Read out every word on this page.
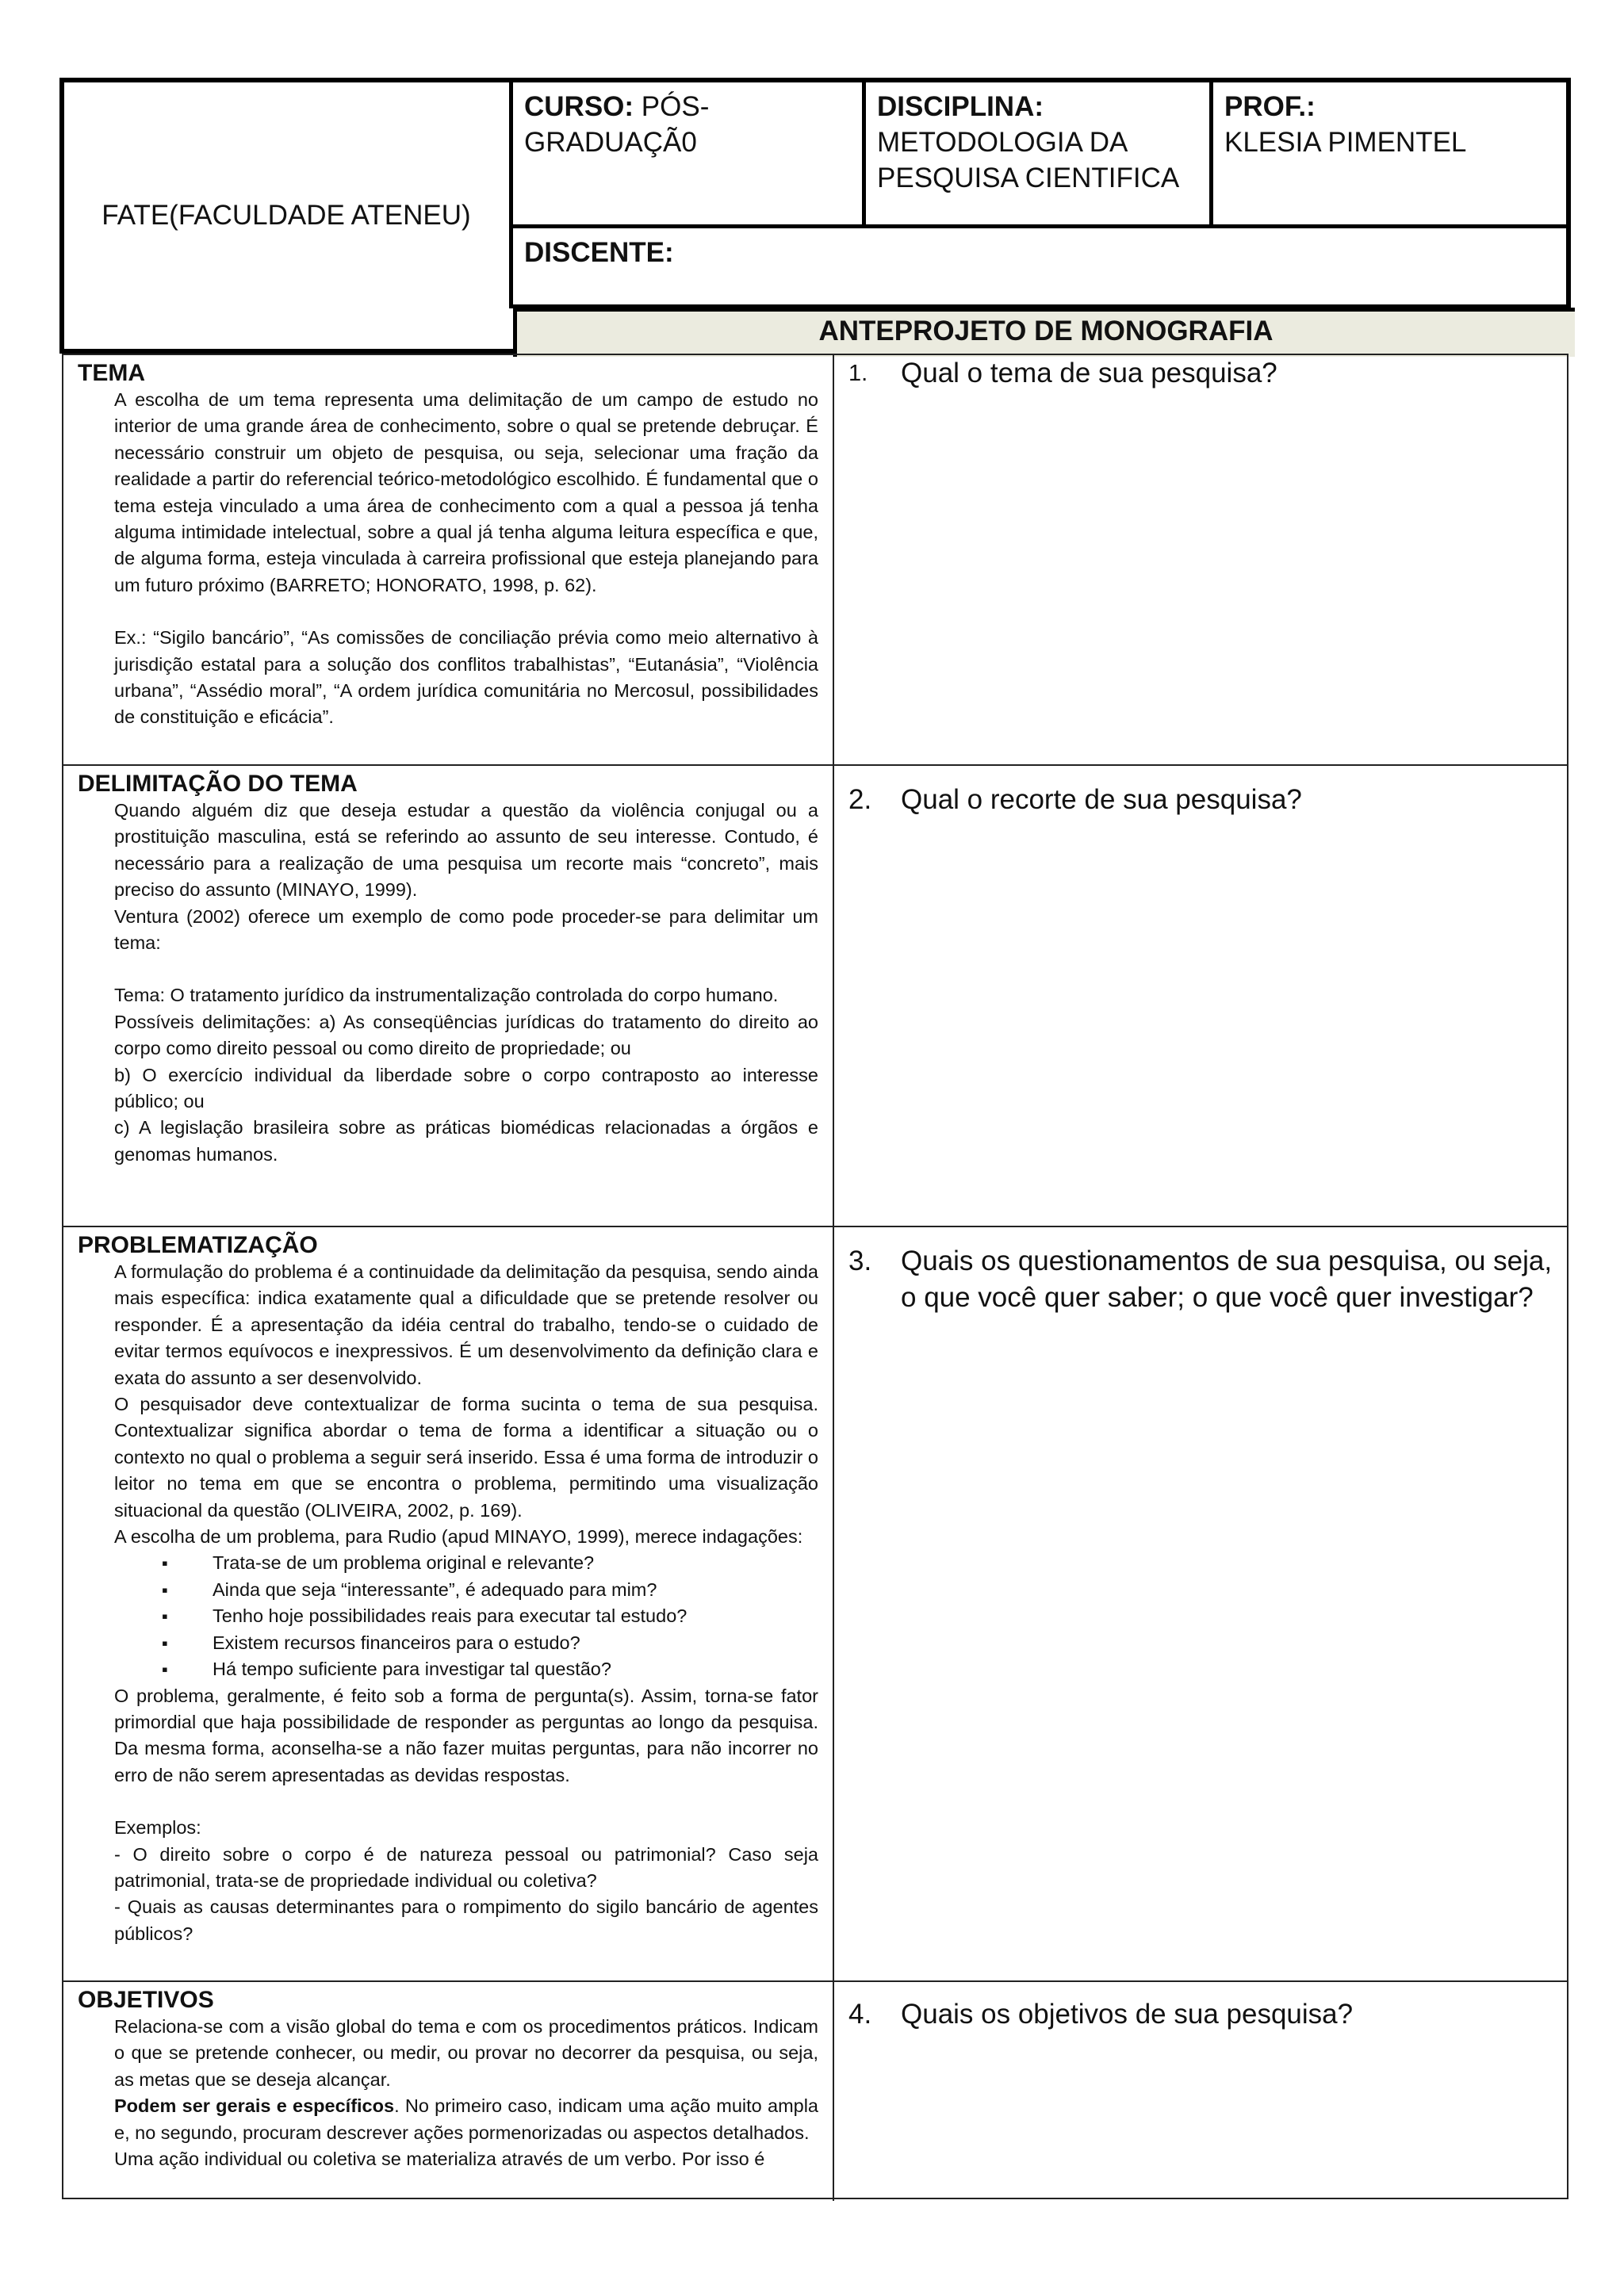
FATE(FACULDADE ATENEU)
CURSO: PÓS-GRADUAÇÃ0
DISCIPLINA:
METODOLOGIA DA PESQUISA CIENTIFICA
PROF.:
KLESIA PIMENTEL
DISCENTE:
ANTEPROJETO DE MONOGRAFIA
TEMA

A escolha de um tema representa uma delimitação de um campo de estudo no interior de uma grande área de conhecimento, sobre o qual se pretende debruçar. É necessário construir um objeto de pesquisa, ou seja, selecionar uma fração da realidade a partir do referencial teórico-metodológico escolhido. É fundamental que o tema esteja vinculado a uma área de conhecimento com a qual a pessoa já tenha alguma intimidade intelectual, sobre a qual já tenha alguma leitura específica e que, de alguma forma, esteja vinculada à carreira profissional que esteja planejando para um futuro próximo (BARRETO; HONORATO, 1998, p. 62).

Ex.: “Sigilo bancário”, “As comissões de conciliação prévia como meio alternativo à jurisdição estatal para a solução dos conflitos trabalhistas”, “Eutanásia”, “Violência urbana”, “Assédio moral”, “A ordem jurídica comunitária no Mercosul, possibilidades de constituição e eficácia”.

1.	Qual o tema de sua pesquisa?
DELIMITAÇÃO DO TEMA

Quando alguém diz que deseja estudar a questão da violência conjugal ou a prostituição masculina, está se referindo ao assunto de seu interesse. Contudo, é necessário para a realização de uma pesquisa um recorte mais “concreto”, mais preciso do assunto (MINAYO, 1999).

Ventura (2002) oferece um exemplo de como pode proceder-se para delimitar um tema:

Tema: O tratamento jurídico da instrumentalização controlada do corpo humano.

Possíveis delimitações: a) As conseqüências jurídicas do tratamento do direito ao corpo como direito pessoal ou como direito de propriedade; ou

b) O exercício individual da liberdade sobre o corpo contraposto ao interesse público; ou

c) A legislação brasileira sobre as práticas biomédicas relacionadas a órgãos e genomas humanos.

2.	Qual o recorte de sua pesquisa?
PROBLEMATIZAÇÃO

A formulação do problema é a continuidade da delimitação da pesquisa, sendo ainda mais específica: indica exatamente qual a dificuldade que se pretende resolver ou responder. É a apresentação da idéia central do trabalho, tendo-se o cuidado de evitar termos equívocos e inexpressivos. É um desenvolvimento da definição clara e exata do assunto a ser desenvolvido.

O pesquisador deve contextualizar de forma sucinta o tema de sua pesquisa. Contextualizar significa abordar o tema de forma a identificar a situação ou o contexto no qual o problema a seguir será inserido. Essa é uma forma de introduzir o leitor no tema em que se encontra o problema, permitindo uma visualização situacional da questão (OLIVEIRA, 2002, p. 169).

A escolha de um problema, para Rudio (apud MINAYO, 1999), merece indagações:

▪ Trata-se de um problema original e relevante?
▪ Ainda que seja “interessante”, é adequado para mim?
▪ Tenho hoje possibilidades reais para executar tal estudo?
▪ Existem recursos financeiros para o estudo?
▪ Há tempo suficiente para investigar tal questão?

O problema, geralmente, é feito sob a forma de pergunta(s). Assim, torna-se fator primordial que haja possibilidade de responder as perguntas ao longo da pesquisa. Da mesma forma, aconselha-se a não fazer muitas perguntas, para não incorrer no erro de não serem apresentadas as devidas respostas.

Exemplos:

- O direito sobre o corpo é de natureza pessoal ou patrimonial? Caso seja patrimonial, trata-se de propriedade individual ou coletiva?

- Quais as causas determinantes para o rompimento do sigilo bancário de agentes públicos?

3.	Quais os questionamentos de sua pesquisa, ou seja, o que você quer saber; o que você quer investigar?
OBJETIVOS

Relaciona-se com a visão global do tema e com os procedimentos práticos. Indicam o que se pretende conhecer, ou medir, ou provar no decorrer da pesquisa, ou seja, as metas que se deseja alcançar.

Podem ser gerais e específicos. No primeiro caso, indicam uma ação muito ampla e, no segundo, procuram descrever ações pormenorizadas ou aspectos detalhados.

Uma ação individual ou coletiva se materializa através de um verbo. Por isso é

4.	Quais os objetivos de sua pesquisa?
